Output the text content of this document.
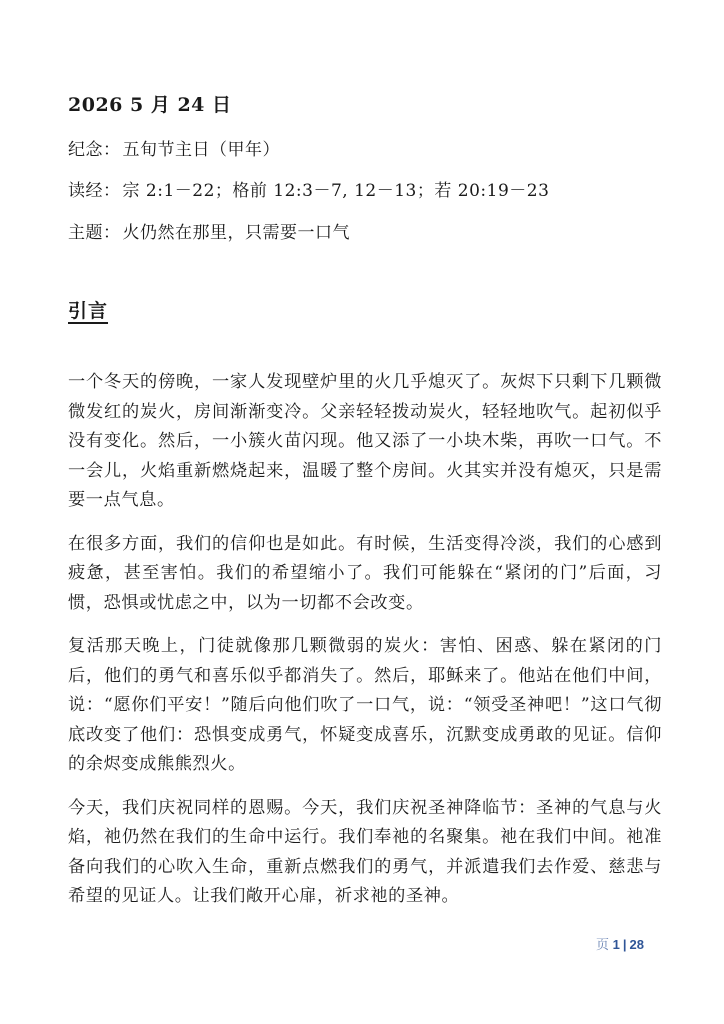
2026 5 月 24 日
纪念： 五旬节主日（甲年）
读经： 宗 2:1－22；格前 12:3－7, 12－13；若 20:19－23
主题： 火仍然在那里，只需要一口气
引言

一个冬天的傍晚，一家人发现壁炉里的火几乎熄灭了。灰烬下只剩下几颗微微发红的炭火，房间渐渐变冷。父亲轻轻拨动炭火，轻轻地吹气。起初似乎没有变化。然后，一小簇火苗闪现。他又添了一小块木柴，再吹一口气。不一会儿，火焰重新燃烧起来，温暖了整个房间。火其实并没有熄灭，只是需要一点气息。

在很多方面，我们的信仰也是如此。有时候，生活变得冷淡，我们的心感到疲惫，甚至害怕。我们的希望缩小了。我们可能躲在“紧闭的门”后面，习惯，恐惧或忧虑之中，以为一切都不会改变。

复活那天晚上，门徒就像那几颗微弱的炭火：害怕、困惑、躲在紧闭的门后，他们的勇气和喜乐似乎都消失了。然后，耶稣来了。他站在他们中间，说：“愿你们平安！”随后向他们吹了一口气，说：“领受圣神吧！”这口气彻底改变了他们：恐惧变成勇气，怀疑变成喜乐，沉默变成勇敢的见证。信仰的余烬变成熊熊烈火。

今天，我们庆祝同样的恩赐。今天，我们庆祝圣神降临节：圣神的气息与火焰，祂仍然在我们的生命中运行。我们奉祂的名聚集。祂在我们中间。祂准备向我们的心吹入生命，重新点燃我们的勇气，并派遣我们去作爱、慈悲与希望的见证人。让我们敞开心扉，祈求祂的圣神。

页 1 | 28
